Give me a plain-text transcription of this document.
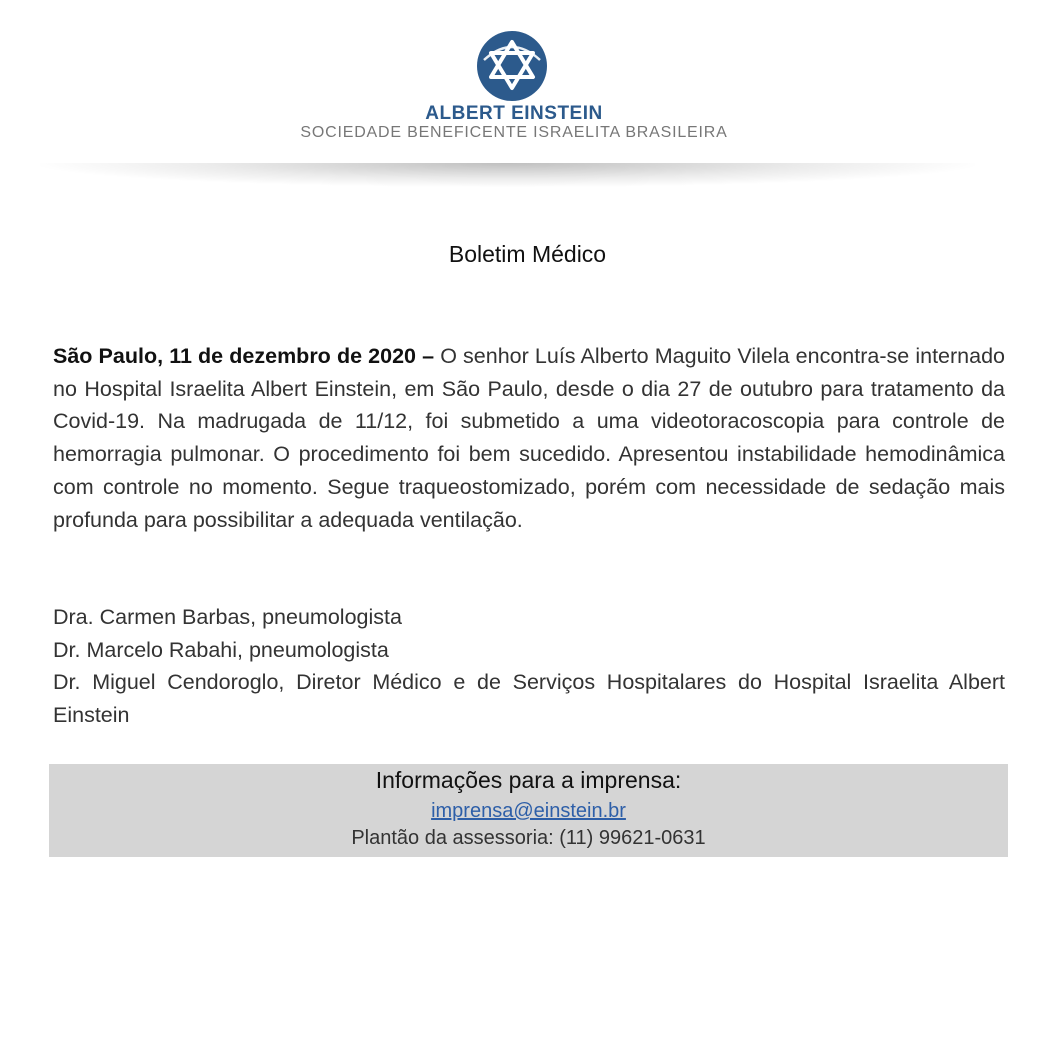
ALBERT EINSTEIN
SOCIEDADE BENEFICENTE ISRAELITA BRASILEIRA
Boletim Médico

São Paulo, 11 de dezembro de 2020 – O senhor Luís Alberto Maguito Vilela encontra-se internado no Hospital Israelita Albert Einstein, em São Paulo, desde o dia 27 de outubro para tratamento da Covid-19. Na madrugada de 11/12, foi submetido a uma videotoracoscopia para controle de hemorragia pulmonar. O procedimento foi bem sucedido. Apresentou instabilidade hemodinâmica com controle no momento. Segue traqueostomizado, porém com necessidade de sedação mais profunda para possibilitar a adequada ventilação.

Dra. Carmen Barbas, pneumologista
Dr. Marcelo Rabahi, pneumologista
Dr. Miguel Cendoroglo, Diretor Médico e de Serviços Hospitalares do Hospital Israelita Albert Einstein
Informações para a imprensa:
imprensa@einstein.br
Plantão da assessoria: (11) 99621-0631
